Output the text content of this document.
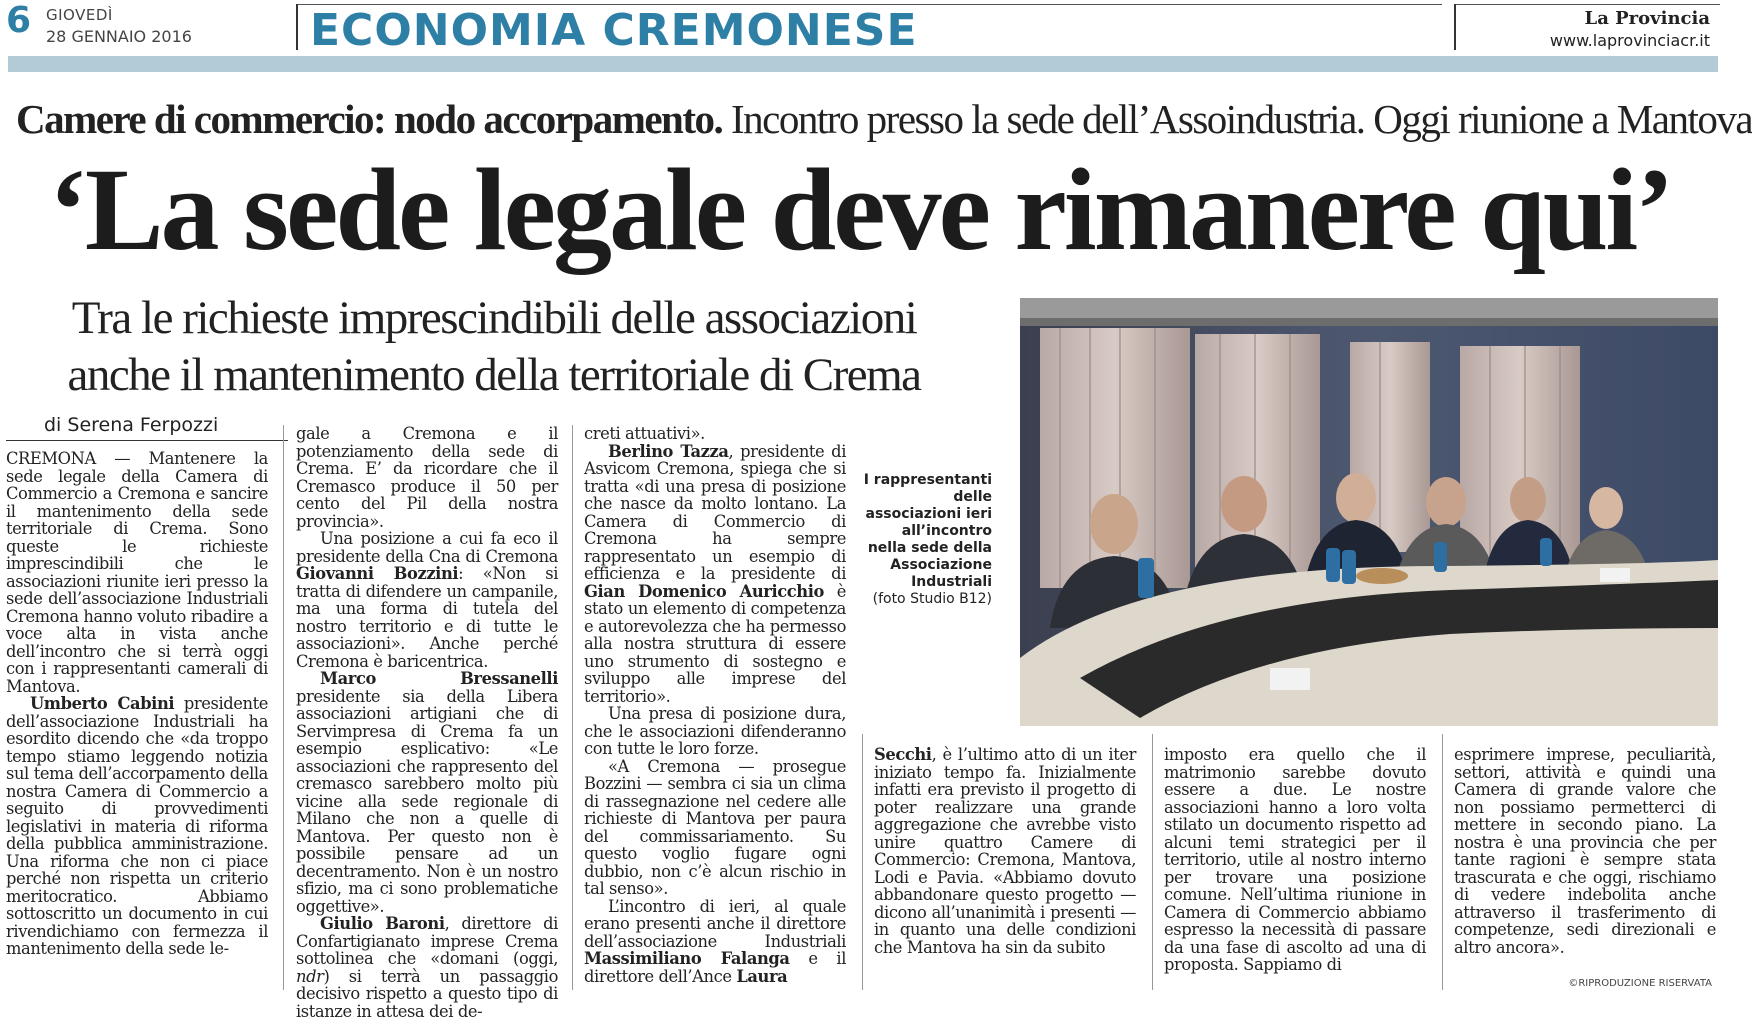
6 GIOVEDÌ
28 GENNAIO 2016	ECONOMIA CREMONESE	La Provincia
www.laprovinciacr.it
Camere di commercio: nodo accorpamento. Incontro presso la sede dell’Assoindustria. Oggi riunione a Mantova
‘La sede legale deve rimanere qui’
Tra le richieste imprescindibili delle associazioni
anche il mantenimento della territoriale di Crema
di Serena Ferpozzi

CREMONA — Mantenere la sede legale della Camera di Commercio a Cremona e sancire il mantenimento della sede territoriale di Crema. Sono queste le richieste imprescindibili che le associazioni riunite ieri presso la sede dell’associazione Industriali Cremona hanno voluto ribadire a voce alta in vista anche dell’incontro che si terrà oggi con i rappresentanti camerali di Mantova.

Umberto Cabini presidente dell’associazione Industriali ha esordito dicendo che «da troppo tempo stiamo leggendo notizia sul tema dell’accorpamento della nostra Camera di Commercio a seguito di provvedimenti legislativi in materia di riforma della pubblica amministrazione. Una riforma che non ci piace perché non rispetta un criterio meritocratico. Abbiamo sottoscritto un documento in cui rivendichiamo con fermezza il mantenimento della sede le-

gale a Cremona e il potenziamento della sede di Crema. E’ da ricordare che il Cremasco produce il 50 per cento del Pil della nostra provincia».

Una posizione a cui fa eco il presidente della Cna di Cremona Giovanni Bozzini: «Non si tratta di difendere un campanile, ma una forma di tutela del nostro territorio e di tutte le associazioni». Anche perché Cremona è baricentrica.

Marco Bressanelli presidente sia della Libera associazioni artigiani che di Servimpresa di Crema fa un esempio esplicativo: «Le associazioni che rappresento del cremasco sarebbero molto più vicine alla sede regionale di Milano che non a quelle di Mantova. Per questo non è possibile pensare ad un decentramento. Non è un nostro sfizio, ma ci sono problematiche oggettive».

Giulio Baroni, direttore di Confartigianato imprese Crema sottolinea che «domani (oggi, ndr) si terrà un passaggio decisivo rispetto a questo tipo di istanze in attesa dei de-

creti attuativi».

Berlino Tazza, presidente di Asvicom Cremona, spiega che si tratta «di una presa di posizione che nasce da molto lontano. La Camera di Commercio di Cremona ha sempre rappresentato un esempio di efficienza e la presidente di Gian Domenico Auricchio è stato un elemento di competenza e autorevolezza che ha permesso alla nostra struttura di essere uno strumento di sostegno e sviluppo alle imprese del territorio».

Una presa di posizione dura, che le associazioni difenderanno con tutte le loro forze.

«A Cremona — prosegue Bozzini — sembra ci sia un clima di rassegnazione nel cedere alle richieste di Mantova per paura del commissariamento. Su questo voglio fugare ogni dubbio, non c’è alcun rischio in tal senso».

L’incontro di ieri, al quale erano presenti anche il direttore dell’associazione Industriali Massimiliano Falanga e il direttore dell’Ance Laura

I rappresentanti delle associazioni ieri all’incontro nella sede della Associazione Industriali
(foto Studio B12)

Secchi, è l’ultimo atto di un iter iniziato tempo fa. Inizialmente infatti era previsto il progetto di poter realizzare una grande aggregazione che avrebbe visto unire quattro Camere di Commercio: Cremona, Mantova, Lodi e Pavia. «Abbiamo dovuto abbandonare questo progetto — dicono all’unanimità i presenti — in quanto una delle condizioni che Mantova ha sin da subito

imposto era quello che il matrimonio sarebbe dovuto essere a due. Le nostre associazioni hanno a loro volta stilato un documento rispetto ad alcuni temi strategici per il territorio, utile al nostro interno per trovare una posizione comune. Nell’ultima riunione in Camera di Commercio abbiamo espresso la necessità di passare da una fase di ascolto ad una di proposta. Sappiamo di

esprimere imprese, peculiarità, settori, attività e quindi una Camera di grande valore che non possiamo permetterci di mettere in secondo piano. La nostra è una provincia che per tante ragioni è sempre stata trascurata e che oggi, rischiamo di vedere indebolita anche attraverso il trasferimento di competenze, sedi direzionali e altro ancora».

©RIPRODUZIONE RISERVATA
